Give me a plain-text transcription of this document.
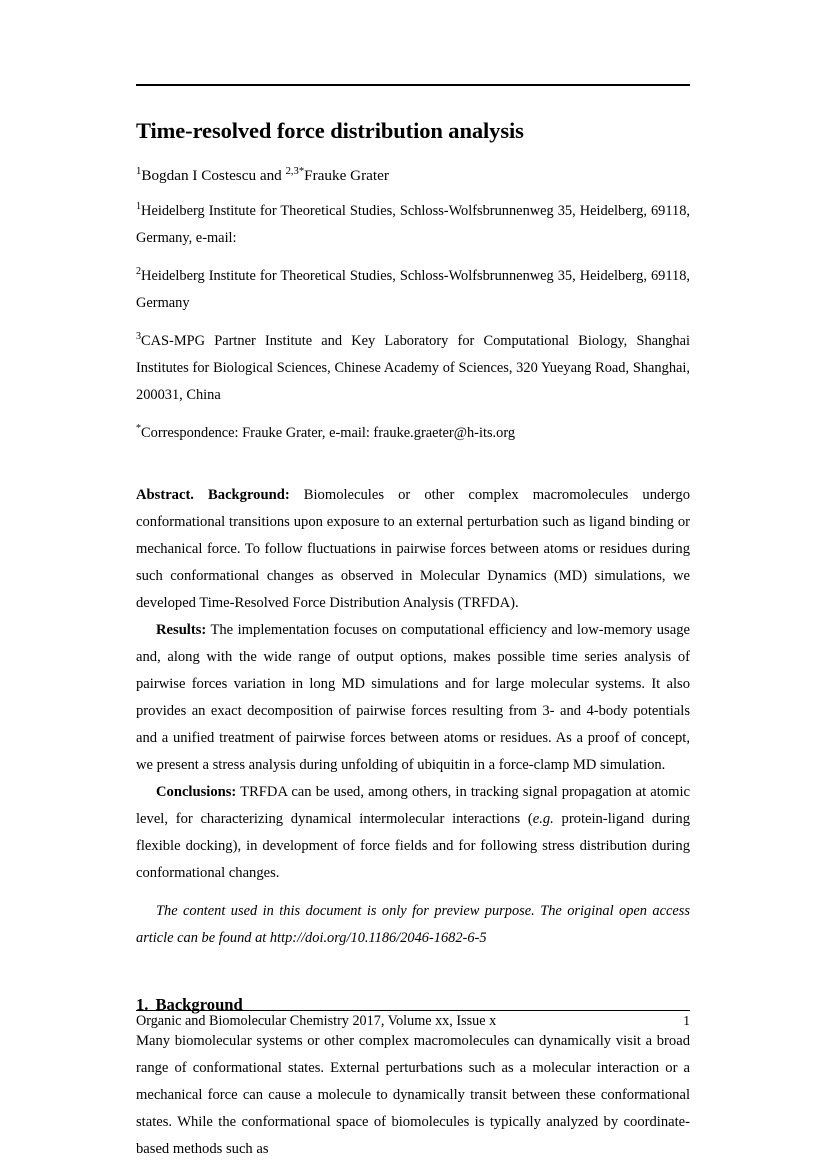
Time-resolved force distribution analysis

$^1$Bogdan I Costescu and $^{2,3*}$Frauke Grater

$^1$Heidelberg Institute for Theoretical Studies, Schloss-Wolfsbrunnenweg 35, Heidelberg, 69118, Germany, e-mail:

$^2$Heidelberg Institute for Theoretical Studies, Schloss-Wolfsbrunnenweg 35, Heidelberg, 69118, Germany

$^3$CAS-MPG Partner Institute and Key Laboratory for Computational Biology, Shanghai Institutes for Biological Sciences, Chinese Academy of Sciences, 320 Yueyang Road, Shanghai, 200031, China

*Correspondence: Frauke Grater, e-mail: frauke.graeter@h-its.org

Abstract. Background: Biomolecules or other complex macromolecules undergo conformational transitions upon exposure to an external perturbation such as ligand binding or mechanical force. To follow fluctuations in pairwise forces between atoms or residues during such conformational changes as observed in Molecular Dynamics (MD) simulations, we developed Time-Resolved Force Distribution Analysis (TRFDA).

Results: The implementation focuses on computational efficiency and low-memory usage and, along with the wide range of output options, makes possible time series analysis of pairwise forces variation in long MD simulations and for large molecular systems. It also provides an exact decomposition of pairwise forces resulting from 3- and 4-body potentials and a unified treatment of pairwise forces between atoms or residues. As a proof of concept, we present a stress analysis during unfolding of ubiquitin in a force-clamp MD simulation.

Conclusions: TRFDA can be used, among others, in tracking signal propagation at atomic level, for characterizing dynamical intermolecular interactions (e.g. protein-ligand during flexible docking), in development of force fields and for following stress distribution during conformational changes.

The content used in this document is only for preview purpose. The original open access article can be found at http://doi.org/10.1186/2046-1682-6-5

1. Background

Many biomolecular systems or other complex macromolecules can dynamically visit a broad range of conformational states. External perturbations such as a molecular interaction or a mechanical force can cause a molecule to dynamically transit between these conformational states. While the conformational space of biomolecules is typically analyzed by coordinate-based methods such as

Organic and Biomolecular Chemistry 2017, Volume xx, Issue x	1
